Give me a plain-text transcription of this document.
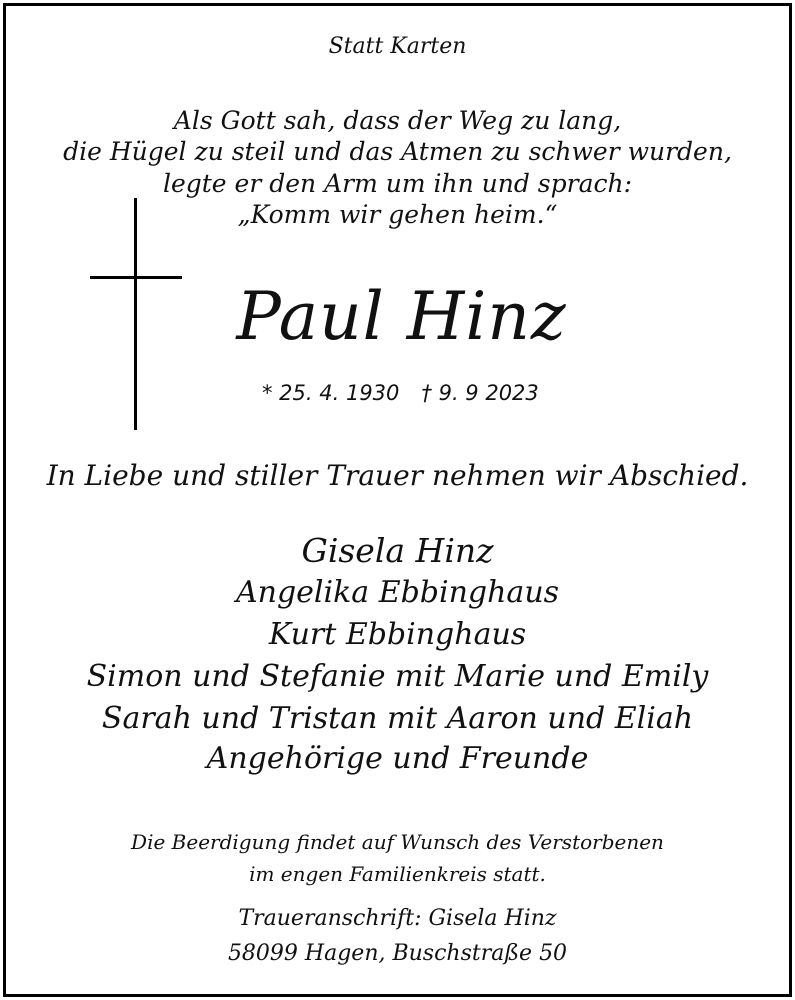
Statt Karten
Als Gott sah, dass der Weg zu lang,
die Hügel zu steil und das Atmen zu schwer wurden,
legte er den Arm um ihn und sprach:
„Komm wir gehen heim.“
Paul Hinz
* 25. 4. 1930 † 9. 9 2023
In Liebe und stiller Trauer nehmen wir Abschied.
Gisela Hinz
Angelika Ebbinghaus
Kurt Ebbinghaus
Simon und Stefanie mit Marie und Emily
Sarah und Tristan mit Aaron und Eliah
Angehörige und Freunde
Die Beerdigung findet auf Wunsch des Verstorbenen
im engen Familienkreis statt.
Traueranschrift: Gisela Hinz
58099 Hagen, Buschstraße 50
